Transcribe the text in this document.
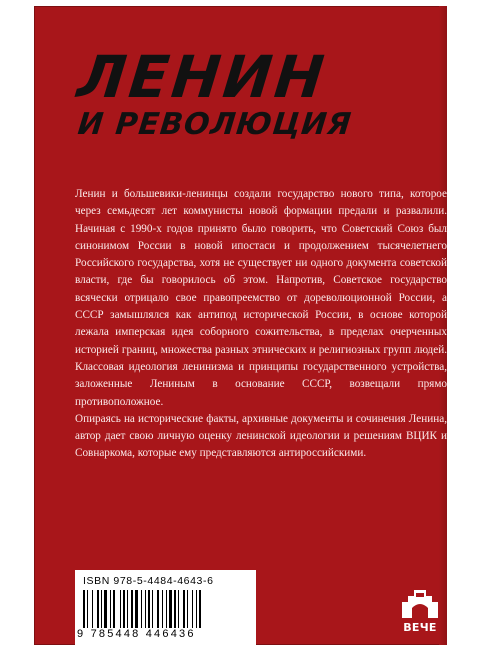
ЛЕНИН
И РЕВОЛЮЦИЯ

Ленин и большевики-ленинцы создали государство нового типа, которое через семьдесят лет коммунисты новой формации предали и развалили. Начиная с 1990-х годов принято было говорить, что Советский Союз был синонимом России в новой ипостаси и продолжением тысячелетнего Российского государства, хотя не существует ни одного документа советской власти, где бы говорилось об этом. Напротив, Советское государство всячески отрицало свое правопреемство от дореволюционной России, а СССР замышлялся как антипод исторической России, в основе которой лежала имперская идея соборного сожительства, в пределах очерченных историей границ, множества разных этнических и религиозных групп людей. Классовая идеология ленинизма и принципы государственного устройства, заложенные Лениным в основание СССР, возвещали прямо противоположное.

Опираясь на исторические факты, архивные документы и сочинения Ленина, автор дает свою личную оценку ленинской идеологии и решениям ВЦИК и Совнаркома, которые ему представляются антироссийскими.

ISBN 978-5-4484-4643-6
9 785448 446436	ВЕЧЕ
